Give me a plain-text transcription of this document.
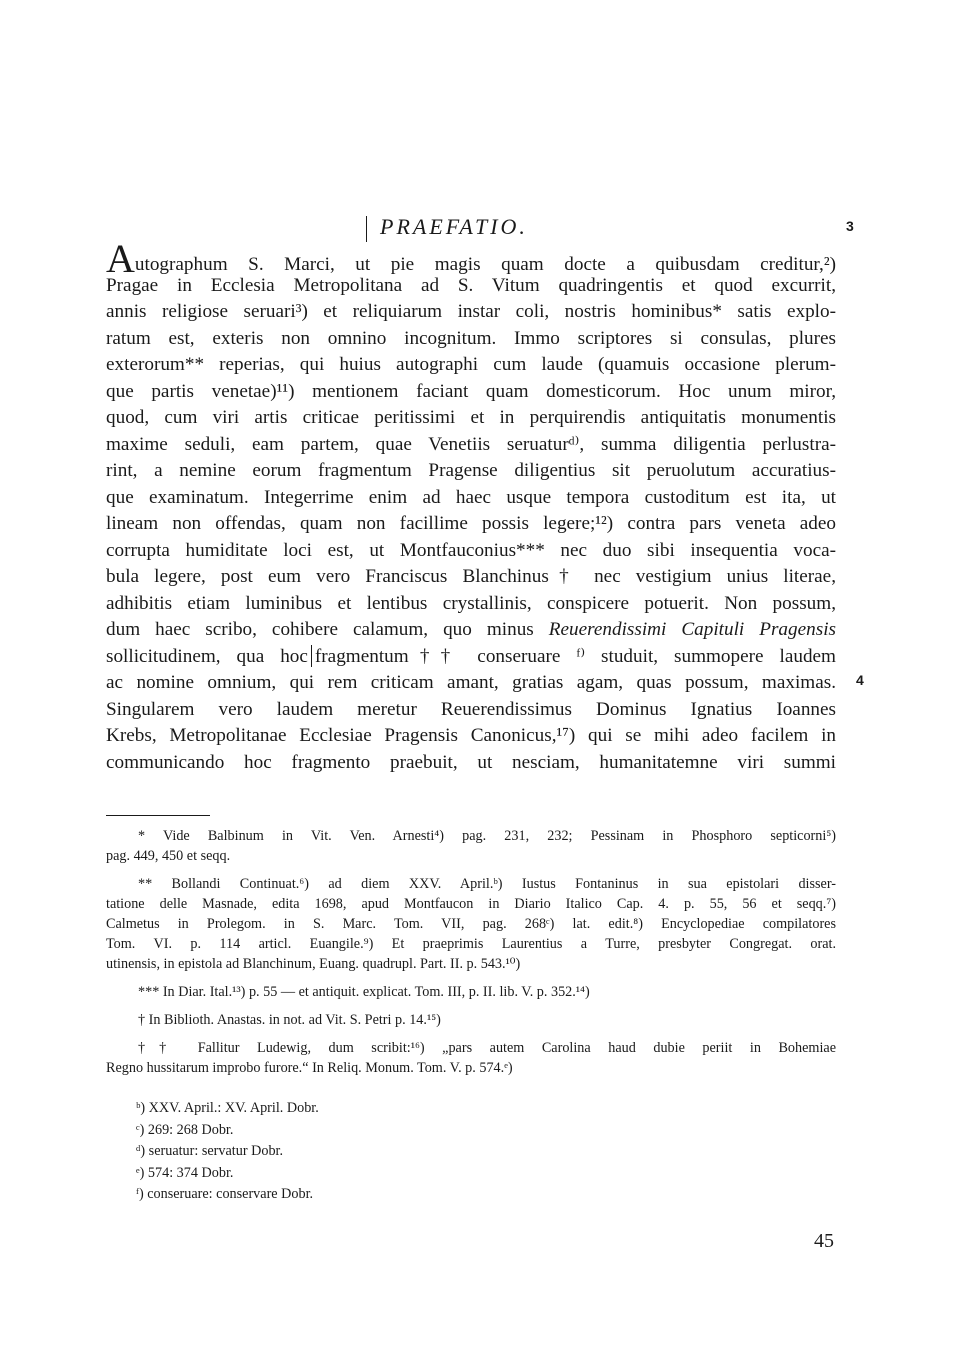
PRAEFATIO.	3
Autographum S. Marci, ut pie magis quam docte a quibusdam creditur,²)
Pragae in Ecclesia Metropolitana ad S. Vitum quadringentis et quod excurrit,
annis religiose seruari³) et reliquiarum instar coli, nostris hominibus* satis explo-
ratum est, exteris non omnino incognitum. Immo scriptores si consulas, plures
exterorum** reperias, qui huius autographi cum laude (quamuis occasione plerum-
que partis venetae)¹¹) mentionem faciant quam domesticorum. Hoc unum miror,
quod, cum viri artis criticae peritissimi et in perquirendis antiquitatis monumentis
maxime seduli, eam partem, quae Venetiis seruaturᵈ⁾, summa diligentia perlustra-
rint, a nemine eorum fragmentum Pragense diligentius sit peruolutum accuratius-
que examinatum. Integerrime enim ad haec usque tempora custoditum est ita, ut
lineam non offendas, quam non facillime possis legere;¹²) contra pars veneta adeo
corrupta humiditate loci est, ut Montfauconius*** nec duo sibi insequentia voca-
bula legere, post eum vero Franciscus Blanchinus† nec vestigium unius literae,
adhibitis etiam luminibus et lentibus crystallinis, conspicere potuerit. Non possum,
dum haec scribo, cohibere calamum, quo minus Reuerendissimi Capituli Pragensis
sollicitudinem, qua hoc fragmentum†† conseruare ᶠ⁾ studuit, summopere laudem
ac nomine omnium, qui rem criticam amant, gratias agam, quas possum, maximas.
Singularem vero laudem meretur Reuerendissimus Dominus Ignatius Ioannes
Krebs, Metropolitanae Ecclesiae Pragensis Canonicus,¹⁷) qui se mihi adeo facilem in
communicando hoc fragmento praebuit, ut nesciam, humanitatemne viri summi
4
* Vide Balbinum in Vit. Ven. Arnesti⁴) pag. 231, 232; Pessinam in Phosphoro septicorni⁵)
pag. 449, 450 et seqq.
** Bollandi Continuat.⁶) ad diem XXV. April.ᵇ) Iustus Fontaninus in sua epistolari disser-
tatione delle Masnade, edita 1698, apud Montfaucon in Diario Italico Cap. 4. p. 55, 56 et seqq.⁷)
Calmetus in Prolegom. in S. Marc. Tom. VII, pag. 268ᶜ) lat. edit.⁸) Encyclopediae compilatores
Tom. VI. p. 114 articl. Euangile.⁹) Et praeprimis Laurentius a Turre, presbyter Congregat. orat.
utinensis, in epistola ad Blanchinum, Euang. quadrupl. Part. II. p. 543.¹⁰)
*** In Diar. Ital.¹³) p. 55 — et antiquit. explicat. Tom. III, p. II. lib. V. p. 352.¹⁴)
† In Biblioth. Anastas. in not. ad Vit. S. Petri p. 14.¹⁵)
†† Fallitur Ludewig, dum scribit:¹⁶) „pars autem Carolina haud dubie periit in Bohemiae
Regno hussitarum improbo furore.“ In Reliq. Monum. Tom. V. p. 574.ᵉ)
ᵇ) XXV. April.: XV. April. Dobr.
ᶜ) 269: 268 Dobr.
ᵈ) seruatur: servatur Dobr.
ᵉ) 574: 374 Dobr.
ᶠ) conseruare: conservare Dobr.
45
